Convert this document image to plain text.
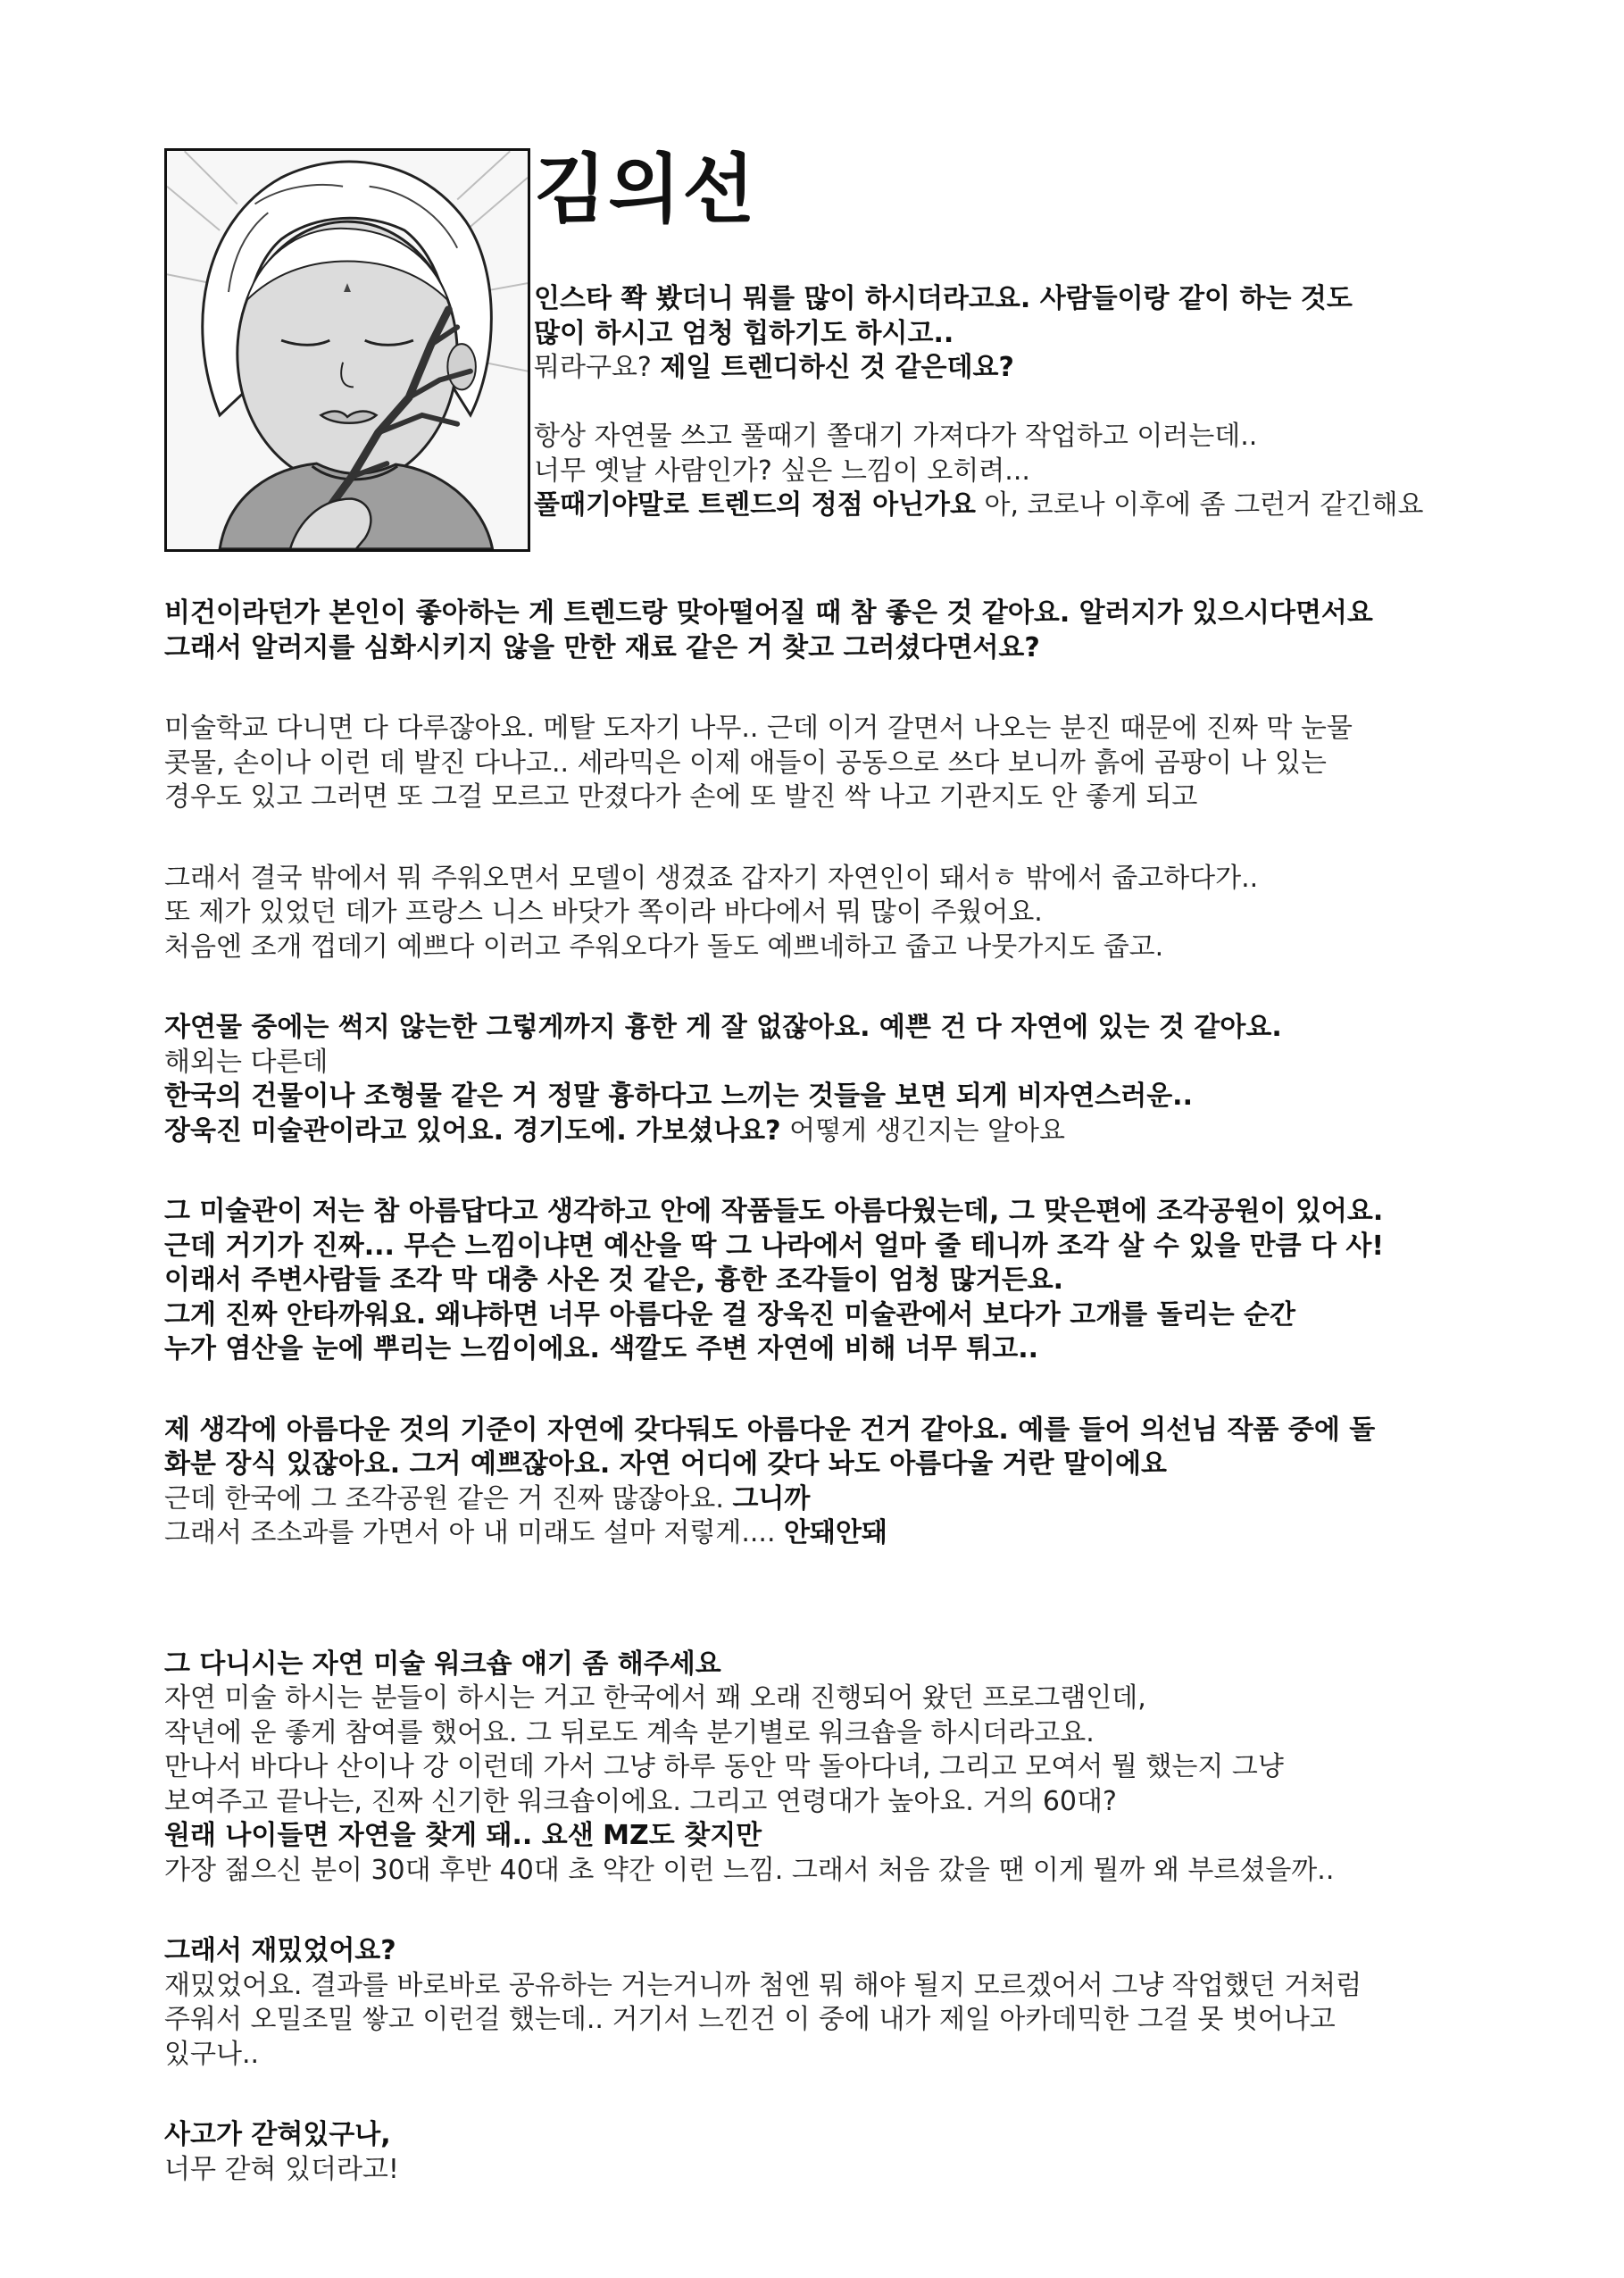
김의선
인스타 쫙 봤더니 뭐를 많이 하시더라고요. 사람들이랑 같이 하는 것도
많이 하시고 엄청 힙하기도 하시고..
뭐라구요? 제일 트렌디하신 것 같은데요?

항상 자연물 쓰고 풀때기 쫄대기 가져다가 작업하고 이러는데..
너무 옛날 사람인가? 싶은 느낌이 오히려...
풀때기야말로 트렌드의 정점 아닌가요 아, 코로나 이후에 좀 그런거 같긴해요
비건이라던가 본인이 좋아하는 게 트렌드랑 맞아떨어질 때 참 좋은 것 같아요. 알러지가 있으시다면서요
그래서 알러지를 심화시키지 않을 만한 재료 같은 거 찾고 그러셨다면서요?
미술학교 다니면 다 다루잖아요. 메탈 도자기 나무.. 근데 이거 갈면서 나오는 분진 때문에 진짜 막 눈물
콧물, 손이나 이런 데 발진 다나고.. 세라믹은 이제 애들이 공동으로 쓰다 보니까 흙에 곰팡이 나 있는
경우도 있고 그러면 또 그걸 모르고 만졌다가 손에 또 발진 싹 나고 기관지도 안 좋게 되고
그래서 결국 밖에서 뭐 주워오면서 모델이 생겼죠 갑자기 자연인이 돼서ㅎ 밖에서 줍고하다가..
또 제가 있었던 데가 프랑스 니스 바닷가 쪽이라 바다에서 뭐 많이 주웠어요.
처음엔 조개 껍데기 예쁘다 이러고 주워오다가 돌도 예쁘네하고 줍고 나뭇가지도 줍고.
자연물 중에는 썩지 않는한 그렇게까지 흉한 게 잘 없잖아요. 예쁜 건 다 자연에 있는 것 같아요.
해외는 다른데
한국의 건물이나 조형물 같은 거 정말 흉하다고 느끼는 것들을 보면 되게 비자연스러운..
장욱진 미술관이라고 있어요. 경기도에. 가보셨나요? 어떻게 생긴지는 알아요
그 미술관이 저는 참 아름답다고 생각하고 안에 작품들도 아름다웠는데, 그 맞은편에 조각공원이 있어요.
근데 거기가 진짜... 무슨 느낌이냐면 예산을 딱 그 나라에서 얼마 줄 테니까 조각 살 수 있을 만큼 다 사!
이래서 주변사람들 조각 막 대충 사온 것 같은, 흉한 조각들이 엄청 많거든요.
그게 진짜 안타까워요. 왜냐하면 너무 아름다운 걸 장욱진 미술관에서 보다가 고개를 돌리는 순간
누가 염산을 눈에 뿌리는 느낌이에요. 색깔도 주변 자연에 비해 너무 튀고..
제 생각에 아름다운 것의 기준이 자연에 갖다둬도 아름다운 건거 같아요. 예를 들어 의선님 작품 중에 돌
화분 장식 있잖아요. 그거 예쁘잖아요. 자연 어디에 갖다 놔도 아름다울 거란 말이에요
근데 한국에 그 조각공원 같은 거 진짜 많잖아요. 그니까
그래서 조소과를 가면서 아 내 미래도 설마 저렇게.... 안돼안돼
그 다니시는 자연 미술 워크숍 얘기 좀 해주세요
자연 미술 하시는 분들이 하시는 거고 한국에서 꽤 오래 진행되어 왔던 프로그램인데,
작년에 운 좋게 참여를 했어요. 그 뒤로도 계속 분기별로 워크숍을 하시더라고요.
만나서 바다나 산이나 강 이런데 가서 그냥 하루 동안 막 돌아다녀, 그리고 모여서 뭘 했는지 그냥
보여주고 끝나는, 진짜 신기한 워크숍이에요. 그리고 연령대가 높아요. 거의 60대?
원래 나이들면 자연을 찾게 돼.. 요샌 MZ도 찾지만
가장 젊으신 분이 30대 후반 40대 초 약간 이런 느낌. 그래서 처음 갔을 땐 이게 뭘까 왜 부르셨을까..
그래서 재밌었어요?
재밌었어요. 결과를 바로바로 공유하는 거는거니까 첨엔 뭐 해야 될지 모르겠어서 그냥 작업했던 거처럼
주워서 오밀조밀 쌓고 이런걸 했는데.. 거기서 느낀건 이 중에 내가 제일 아카데믹한 그걸 못 벗어나고
있구나..
사고가 갇혀있구나,
너무 갇혀 있더라고!
